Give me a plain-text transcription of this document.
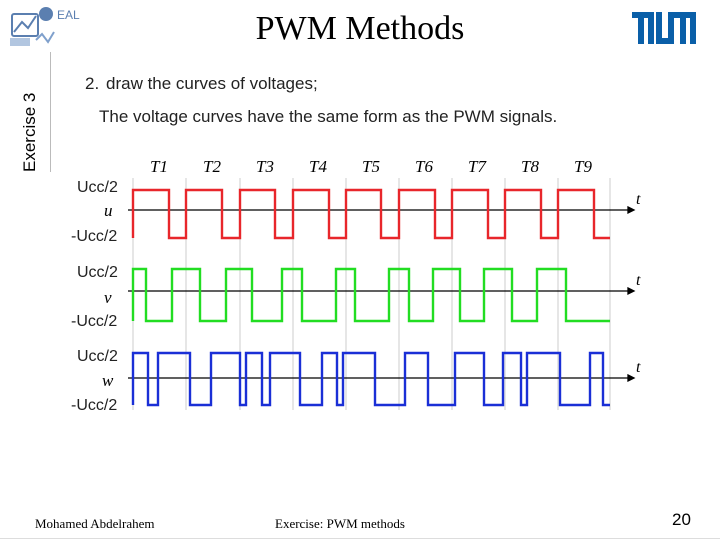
EAL	PWM Methods
Exercise 3
2. draw the curves of voltages;
The voltage curves have the same form as the PWM signals.
T1 T2 T3 T4 T5 T6 T7 T8 T9
t
t
t
Ucc/2
-Ucc/2
Ucc/2
-Ucc/2
Ucc/2
-Ucc/2
u
v
w
Mohamed Abdelrahem	Exercise: PWM methods	20
